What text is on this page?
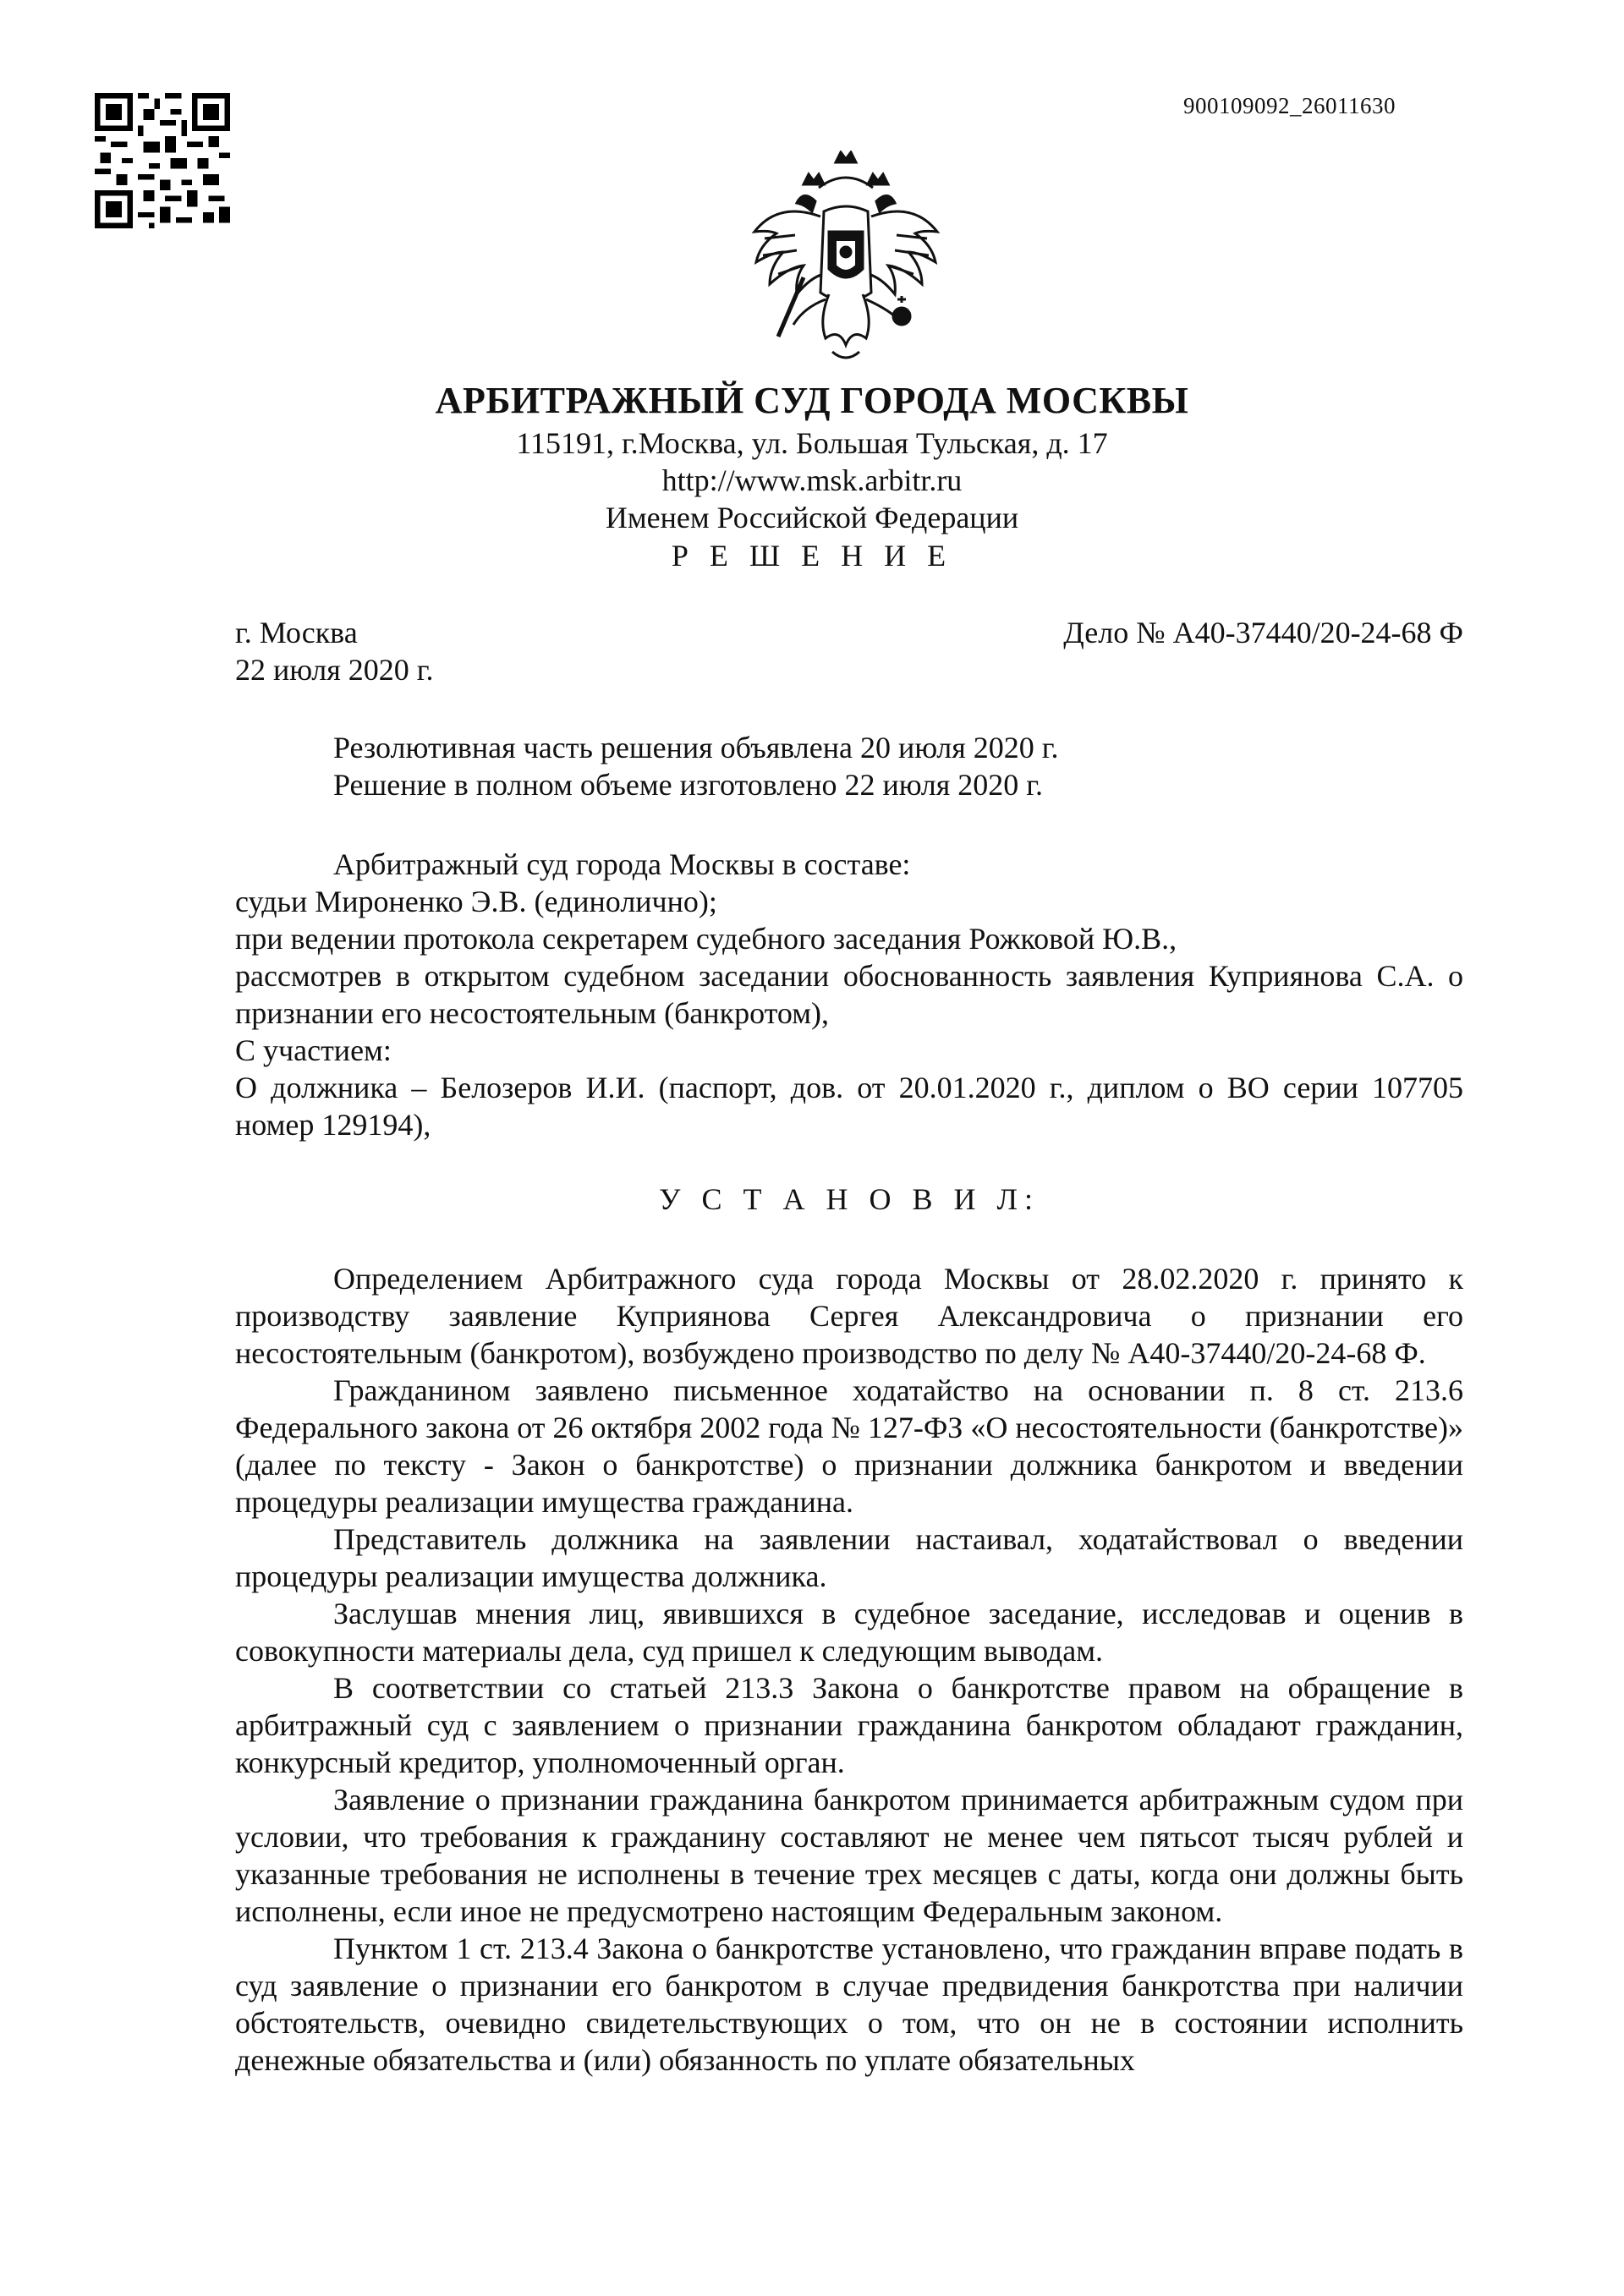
900109092_26011630
АРБИТРАЖНЫЙ СУД ГОРОДА МОСКВЫ
115191, г.Москва, ул. Большая Тульская, д. 17
http://www.msk.arbitr.ru
Именем Российской Федерации
Р Е Ш Е Н И Е
г. Москва
22 июля 2020 г.
Дело № А40-37440/20-24-68 Ф

Резолютивная часть решения объявлена 20 июля 2020 г.

Решение в полном объеме изготовлено 22 июля 2020 г.

Арбитражный суд города Москвы в составе:

судьи Мироненко Э.В. (единолично);

при ведении протокола секретарем судебного заседания Рожковой Ю.В.,

рассмотрев в открытом судебном заседании обоснованность заявления Куприянова С.А. о признании его несостоятельным (банкротом),

С участием:

О должника – Белозеров И.И. (паспорт, дов. от 20.01.2020 г., диплом о ВО серии 107705 номер 129194),

У С Т А Н О В И Л:

Определением Арбитражного суда города Москвы от 28.02.2020 г. принято к производству заявление Куприянова Сергея Александровича о признании его несостоятельным (банкротом), возбуждено производство по делу № А40-37440/20-24-68 Ф.

Гражданином заявлено письменное ходатайство на основании п. 8 ст. 213.6 Федерального закона от 26 октября 2002 года № 127-ФЗ «О несостоятельности (банкротстве)» (далее по тексту - Закон о банкротстве) о признании должника банкротом и введении процедуры реализации имущества гражданина.

Представитель должника на заявлении настаивал, ходатайствовал о введении процедуры реализации имущества должника.

Заслушав мнения лиц, явившихся в судебное заседание, исследовав и оценив в совокупности материалы дела, суд пришел к следующим выводам.

В соответствии со статьей 213.3 Закона о банкротстве правом на обращение в арбитражный суд с заявлением о признании гражданина банкротом обладают гражданин, конкурсный кредитор, уполномоченный орган.

Заявление о признании гражданина банкротом принимается арбитражным судом при условии, что требования к гражданину составляют не менее чем пятьсот тысяч рублей и указанные требования не исполнены в течение трех месяцев с даты, когда они должны быть исполнены, если иное не предусмотрено настоящим Федеральным законом.

Пунктом 1 ст. 213.4 Закона о банкротстве установлено, что гражданин вправе подать в суд заявление о признании его банкротом в случае предвидения банкротства при наличии обстоятельств, очевидно свидетельствующих о том, что он не в состоянии исполнить денежные обязательства и (или) обязанность по уплате обязательных
